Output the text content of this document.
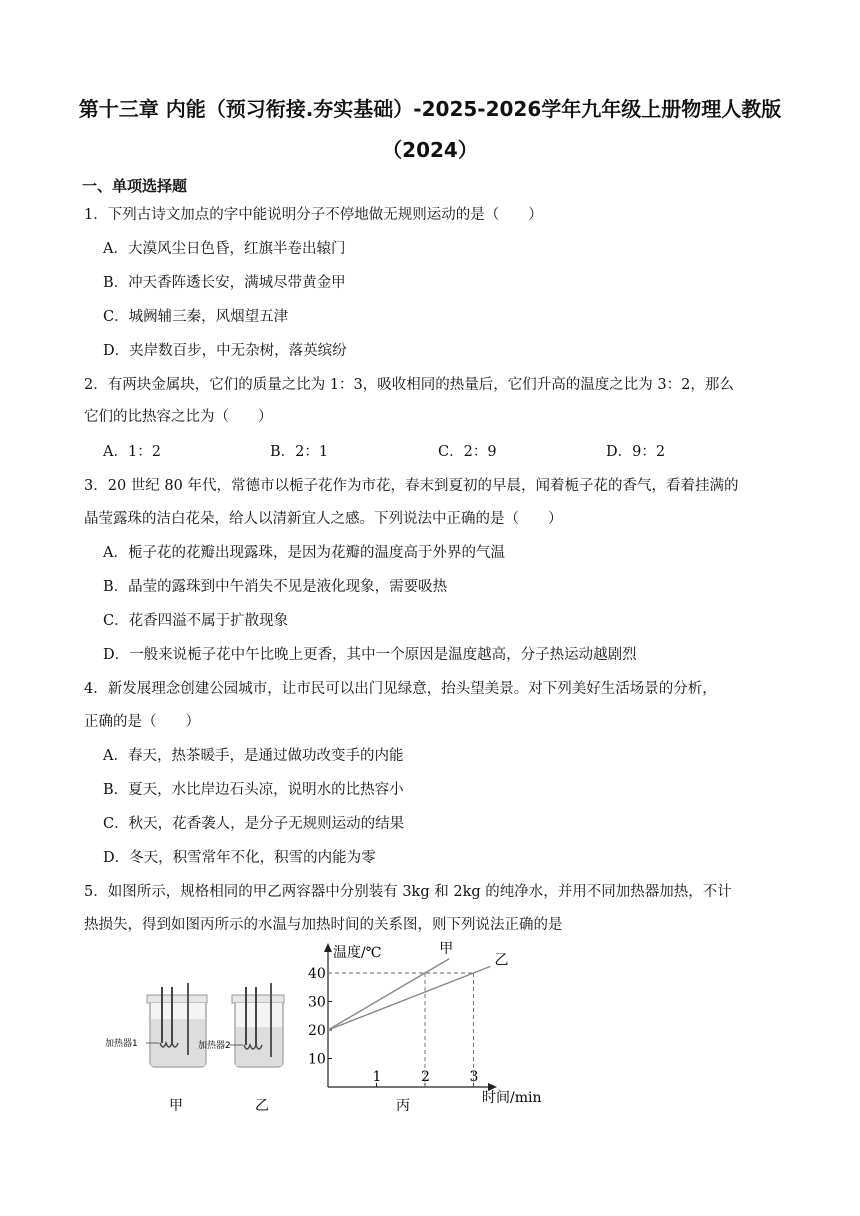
第十三章 内能（预习衔接.夯实基础）-2025-2026学年九年级上册物理人教版
（2024）
一、单项选择题
1．下列古诗文加点的字中能说明分子不停地做无规则运动的是（　　）
A．大漠风尘日色昏，红旗半卷出辕门
B．冲天香阵透长安，满城尽带黄金甲
C．城阙辅三秦，风烟望五津
D．夹岸数百步，中无杂树，落英缤纷
2．有两块金属块，它们的质量之比为 1：3，吸收相同的热量后，它们升高的温度之比为 3：2，那么
它们的比热容之比为（　　）
A．1：2	B．2：1	C．2：9	D．9：2
3．20 世纪 80 年代，常德市以栀子花作为市花，春末到夏初的早晨，闻着栀子花的香气，看着挂满的
晶莹露珠的洁白花朵，给人以清新宜人之感。下列说法中正确的是（　　）
A．栀子花的花瓣出现露珠，是因为花瓣的温度高于外界的气温
B．晶莹的露珠到中午消失不见是液化现象，需要吸热
C．花香四溢不属于扩散现象
D．一般来说栀子花中午比晚上更香，其中一个原因是温度越高，分子热运动越剧烈
4．新发展理念创建公园城市，让市民可以出门见绿意，抬头望美景。对下列美好生活场景的分析，
正确的是（　　）
A．春天，热茶暖手，是通过做功改变手的内能
B．夏天，水比岸边石头凉，说明水的比热容小
C．秋天，花香袭人，是分子无规则运动的结果
D．冬天，积雪常年不化，积雪的内能为零
5．如图所示，规格相同的甲乙两容器中分别装有 3kg 和 2kg 的纯净水，并用不同加热器加热，不计
热损失，得到如图丙所示的水温与加热时间的关系图，则下列说法正确的是
加热器1
甲
加热器2
乙
温度/℃
时间/min
10
20
30
40
1	2	3
甲
乙
丙
